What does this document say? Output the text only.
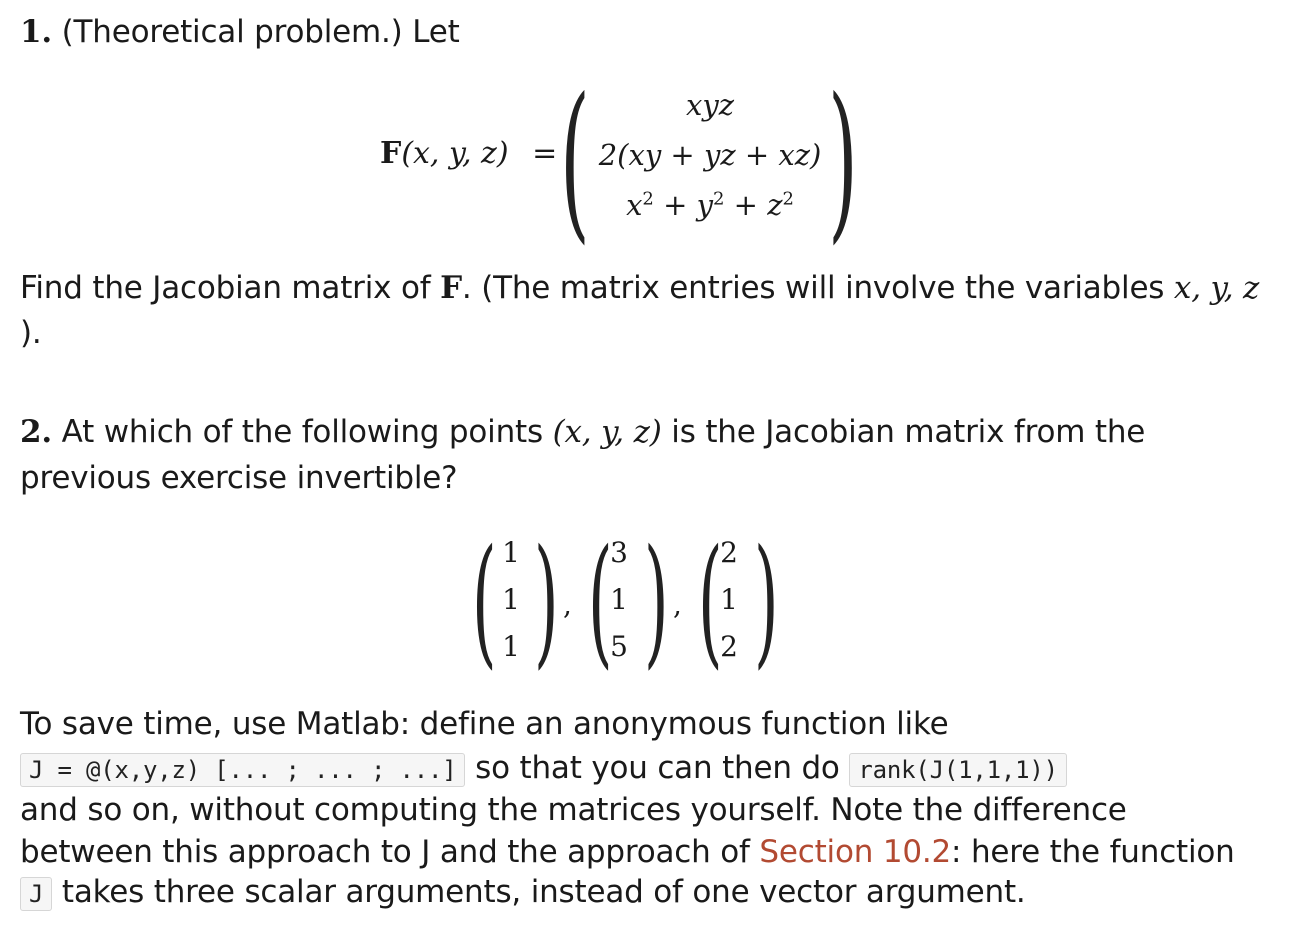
1. (Theoretical problem.) Let
F(x, y, z) = ( )
xyz
2(xy + yz + xz)
$x^2 + y^2 + z^2$
Find the Jacobian matrix of F. (The matrix entries will involve the variables x, y, z
).
2. At which of the following points (x, y, z) is the Jacobian matrix from the
previous exercise invertible?
( 1
1
1 ) , (
3
1
5 ) , (
2
1
2 )
To save time, use Matlab: define an anonymous function like
J = @(x,y,z) [... ; ... ; ...] so that you can then do rank(J(1,1,1))
and so on, without computing the matrices yourself. Note the difference
between this approach to J and the approach of Section 10.2: here the function
J takes three scalar arguments, instead of one vector argument.
